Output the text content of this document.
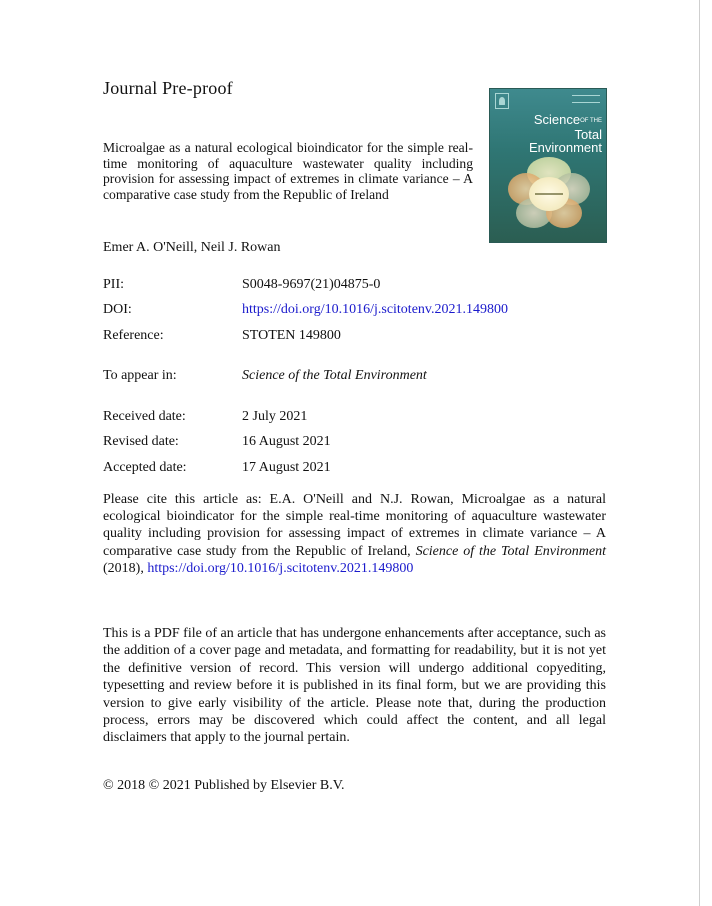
Journal Pre-proof
Microalgae as a natural ecological bioindicator for the simple real-time monitoring of aquaculture wastewater quality including provision for assessing impact of extremes in climate variance – A comparative case study from the Republic of Ireland
ScienceOF THE
Total Environment
Emer A. O'Neill, Neil J. Rowan
PII:	S0048-9697(21)04875-0
DOI:	https://doi.org/10.1016/j.scitotenv.2021.149800
Reference:	STOTEN 149800
To appear in:	Science of the Total Environment
Received date:	2 July 2021
Revised date:	16 August 2021
Accepted date:	17 August 2021
Please cite this article as: E.A. O'Neill and N.J. Rowan, Microalgae as a natural ecological bioindicator for the simple real-time monitoring of aquaculture wastewater quality including provision for assessing impact of extremes in climate variance – A comparative case study from the Republic of Ireland, Science of the Total Environment (2018), https://doi.org/10.1016/j.scitotenv.2021.149800
This is a PDF file of an article that has undergone enhancements after acceptance, such as the addition of a cover page and metadata, and formatting for readability, but it is not yet the definitive version of record. This version will undergo additional copyediting, typesetting and review before it is published in its final form, but we are providing this version to give early visibility of the article. Please note that, during the production process, errors may be discovered which could affect the content, and all legal disclaimers that apply to the journal pertain.
© 2018 © 2021 Published by Elsevier B.V.
